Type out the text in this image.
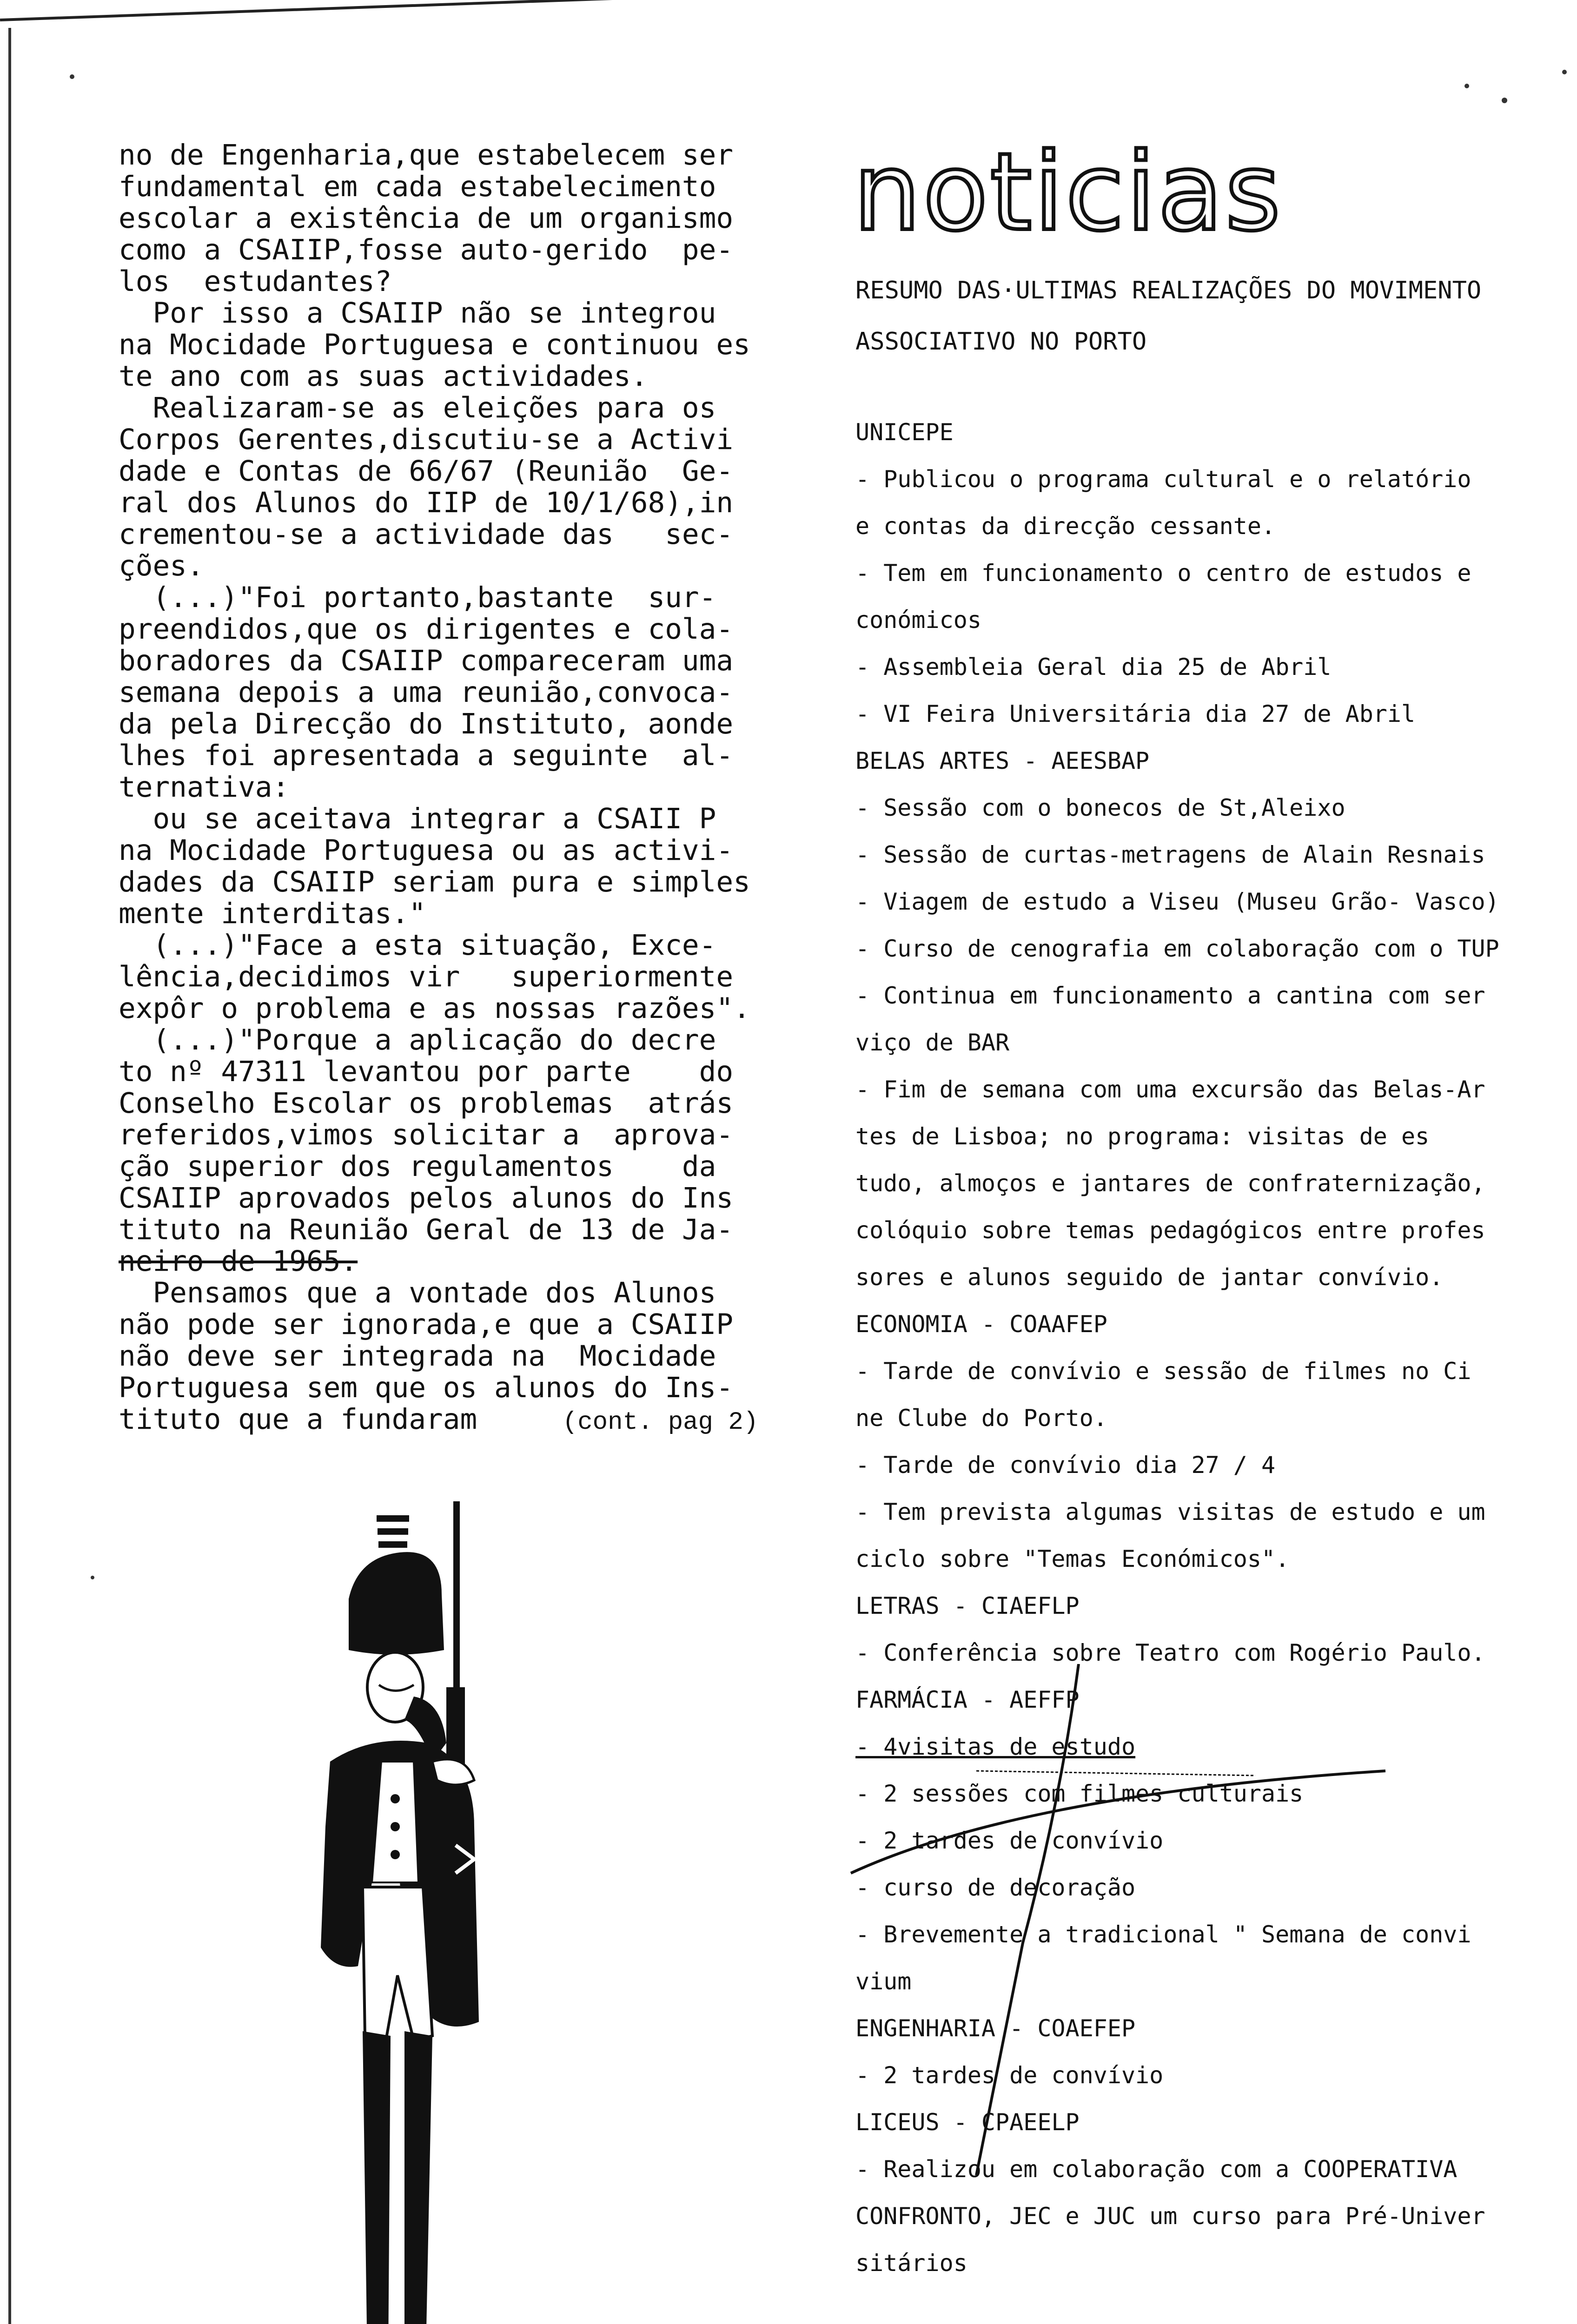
no de Engenharia,que estabelecem ser

fundamental em cada estabelecimento

escolar a existência de um organismo

como a CSAIIP,fosse auto-gerido  pe-

los  estudantes?

Por isso a CSAIIP não se integrou

na Mocidade Portuguesa e continuou es

te ano com as suas actividades.

Realizaram-se as eleições para os

Corpos Gerentes,discutiu-se a Activi

dade e Contas de 66/67 (Reunião  Ge-

ral dos Alunos do IIP de 10/1/68),in

crementou-se a actividade das   sec-

ções.

(...)"Foi portanto,bastante  sur-

preendidos,que os dirigentes e cola-

boradores da CSAIIP compareceram uma

semana depois a uma reunião,convoca-

da pela Direcção do Instituto, aonde

lhes foi apresentada a seguinte  al-

ternativa:

ou se aceitava integrar a CSAII P

na Mocidade Portuguesa ou as activi-

dades da CSAIIP seriam pura e simples

mente interditas."

(...)"Face a esta situação, Exce-

lência,decidimos vir   superiormente

expôr o problema e as nossas razões".

(...)"Porque a aplicação do decre

to nº 47311 levantou por parte    do

Conselho Escolar os problemas  atrás

referidos,vimos solicitar a  aprova-

ção superior dos regulamentos    da

CSAIIP aprovados pelos alunos do Ins

tituto na Reunião Geral de 13 de Ja-

neiro de 1965.

Pensamos que a vontade dos Alunos

não pode ser ignorada,e que a CSAIIP

não deve ser integrada na  Mocidade

Portuguesa sem que os alunos do Ins-

tituto que a fundaram	(cont. pag 2)

noticias
RESUMO DAS·ULTIMAS REALIZAÇÕES DO MOVIMENTO
ASSOCIATIVO NO PORTO
UNICEPE
- Publicou o programa cultural e o relatório
e contas da direcção cessante.
- Tem em funcionamento o centro de estudos e
conómicos
- Assembleia Geral dia 25 de Abril
- VI Feira Universitária dia 27 de Abril
BELAS ARTES - AEESBAP
- Sessão com o bonecos de St,Aleixo
- Sessão de curtas-metragens de Alain Resnais
- Viagem de estudo a Viseu (Museu Grão- Vasco)
- Curso de cenografia em colaboração com o TUP
- Continua em funcionamento a cantina com ser
viço de BAR
- Fim de semana com uma excursão das Belas-Ar
tes de Lisboa; no programa: visitas de es
tudo, almoços e jantares de confraternização,
colóquio sobre temas pedagógicos entre profes
sores e alunos seguido de jantar convívio.
ECONOMIA - COAAFEP
- Tarde de convívio e sessão de filmes no Ci
ne Clube do Porto.
- Tarde de convívio dia 27 / 4
- Tem prevista algumas visitas de estudo e um
ciclo sobre "Temas Económicos".
LETRAS - CIAEFLP
- Conferência sobre Teatro com Rogério Paulo.
FARMÁCIA - AEFFP
- 4visitas de estudo
- 2 sessões com filmes culturais
- 2 tardes de convívio
- curso de decoração
- Brevemente a tradicional " Semana de convi
vium
ENGENHARIA - COAEFEP
- 2 tardes de convívio
LICEUS - CPAEELP
- Realizou em colaboração com a COOPERATIVA
CONFRONTO, JEC e JUC um curso para Pré-Univer
sitários
